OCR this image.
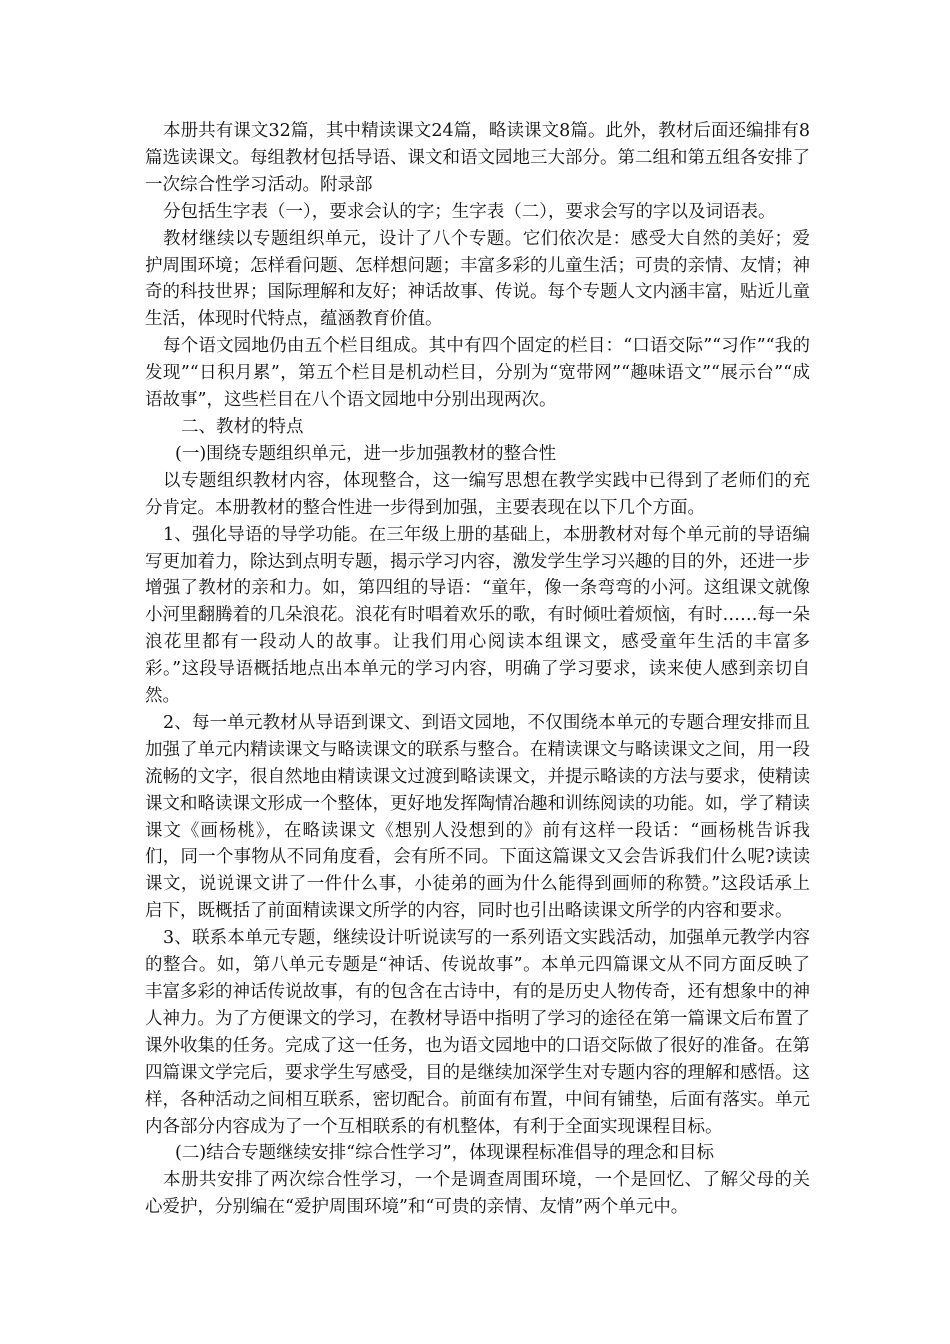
本册共有课文32篇，其中精读课文24篇，略读课文8篇。此外，教材后面还编排有8篇选读课文。每组教材包括导语、课文和语文园地三大部分。第二组和第五组各安排了一次综合性学习活动。附录部

分包括生字表（一），要求会认的字；生字表（二），要求会写的字以及词语表。

教材继续以专题组织单元，设计了八个专题。它们依次是：感受大自然的美好；爱护周围环境；怎样看问题、怎样想问题；丰富多彩的儿童生活；可贵的亲情、友情；神奇的科技世界；国际理解和友好；神话故事、传说。每个专题人文内涵丰富，贴近儿童生活，体现时代特点，蕴涵教育价值。

每个语文园地仍由五个栏目组成。其中有四个固定的栏目：“口语交际”“习作”“我的发现”“日积月累”，第五个栏目是机动栏目，分别为“宽带网”“趣味语文”“展示台”“成语故事”，这些栏目在八个语文园地中分别出现两次。

二、教材的特点

(一)围绕专题组织单元，进一步加强教材的整合性

以专题组织教材内容，体现整合，这一编写思想在教学实践中已得到了老师们的充分肯定。本册教材的整合性进一步得到加强，主要表现在以下几个方面。

1、强化导语的导学功能。在三年级上册的基础上，本册教材对每个单元前的导语编写更加着力，除达到点明专题，揭示学习内容，激发学生学习兴趣的目的外，还进一步增强了教材的亲和力。如，第四组的导语：“童年，像一条弯弯的小河。这组课文就像小河里翻腾着的几朵浪花。浪花有时唱着欢乐的歌，有时倾吐着烦恼，有时……每一朵浪花里都有一段动人的故事。让我们用心阅读本组课文，感受童年生活的丰富多彩。”这段导语概括地点出本单元的学习内容，明确了学习要求，读来使人感到亲切自然。

2、每一单元教材从导语到课文、到语文园地，不仅围绕本单元的专题合理安排而且加强了单元内精读课文与略读课文的联系与整合。在精读课文与略读课文之间，用一段流畅的文字，很自然地由精读课文过渡到略读课文，并提示略读的方法与要求，使精读课文和略读课文形成一个整体，更好地发挥陶情冶趣和训练阅读的功能。如，学了精读课文《画杨桃》，在略读课文《想别人没想到的》前有这样一段话：“画杨桃告诉我们，同一个事物从不同角度看，会有所不同。下面这篇课文又会告诉我们什么呢?读读课文，说说课文讲了一件什么事，小徒弟的画为什么能得到画师的称赞。”这段话承上启下，既概括了前面精读课文所学的内容，同时也引出略读课文所学的内容和要求。

3、联系本单元专题，继续设计听说读写的一系列语文实践活动，加强单元教学内容的整合。如，第八单元专题是“神话、传说故事”。本单元四篇课文从不同方面反映了丰富多彩的神话传说故事，有的包含在古诗中，有的是历史人物传奇，还有想象中的神人神力。为了方便课文的学习，在教材导语中指明了学习的途径在第一篇课文后布置了课外收集的任务。完成了这一任务，也为语文园地中的口语交际做了很好的准备。在第四篇课文学完后，要求学生写感受，目的是继续加深学生对专题内容的理解和感悟。这样，各种活动之间相互联系，密切配合。前面有布置，中间有铺垫，后面有落实。单元内各部分内容成为了一个互相联系的有机整体，有利于全面实现课程目标。

(二)结合专题继续安排“综合性学习”，体现课程标准倡导的理念和目标

本册共安排了两次综合性学习，一个是调查周围环境，一个是回忆、了解父母的关心爱护，分别编在“爱护周围环境”和“可贵的亲情、友情”两个单元中。
